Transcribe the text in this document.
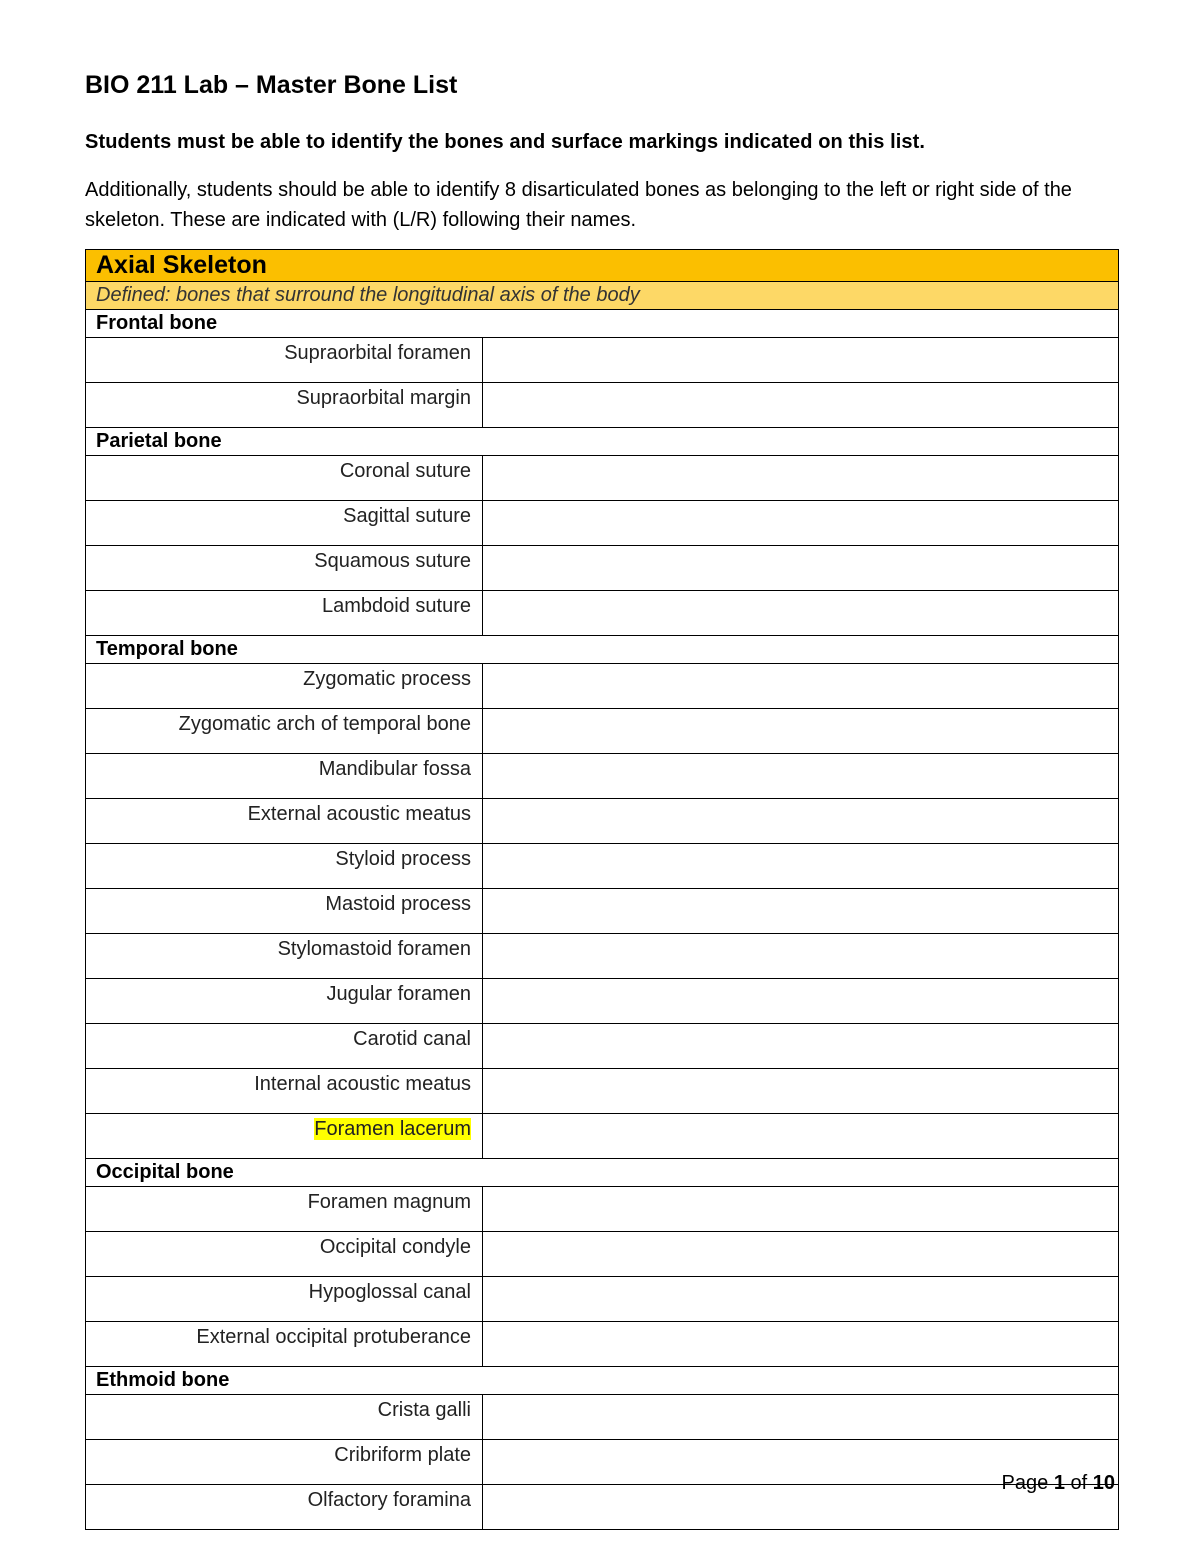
BIO 211 Lab – Master Bone List

Students must be able to identify the bones and surface markings indicated on this list.

Additionally, students should be able to identify 8 disarticulated bones as belonging to the left or right side of the skeleton. These are indicated with (L/R) following their names.

Axial Skeleton	
Defined: bones that surround the longitudinal axis of the body	
Frontal bone	
Supraorbital foramen	
Supraorbital margin	
Parietal bone	
Coronal suture	
Sagittal suture	
Squamous suture	
Lambdoid suture	
Temporal bone	
Zygomatic process	
Zygomatic arch of temporal bone	
Mandibular fossa	
External acoustic meatus	
Styloid process	
Mastoid process	
Stylomastoid foramen	
Jugular foramen	
Carotid canal	
Internal acoustic meatus	
Foramen lacerum	
Occipital bone	
Foramen magnum	
Occipital condyle	
Hypoglossal canal	
External occipital protuberance	
Ethmoid bone	
Crista galli	
Cribriform plate	
Olfactory foramina	

Page 1 of 10
